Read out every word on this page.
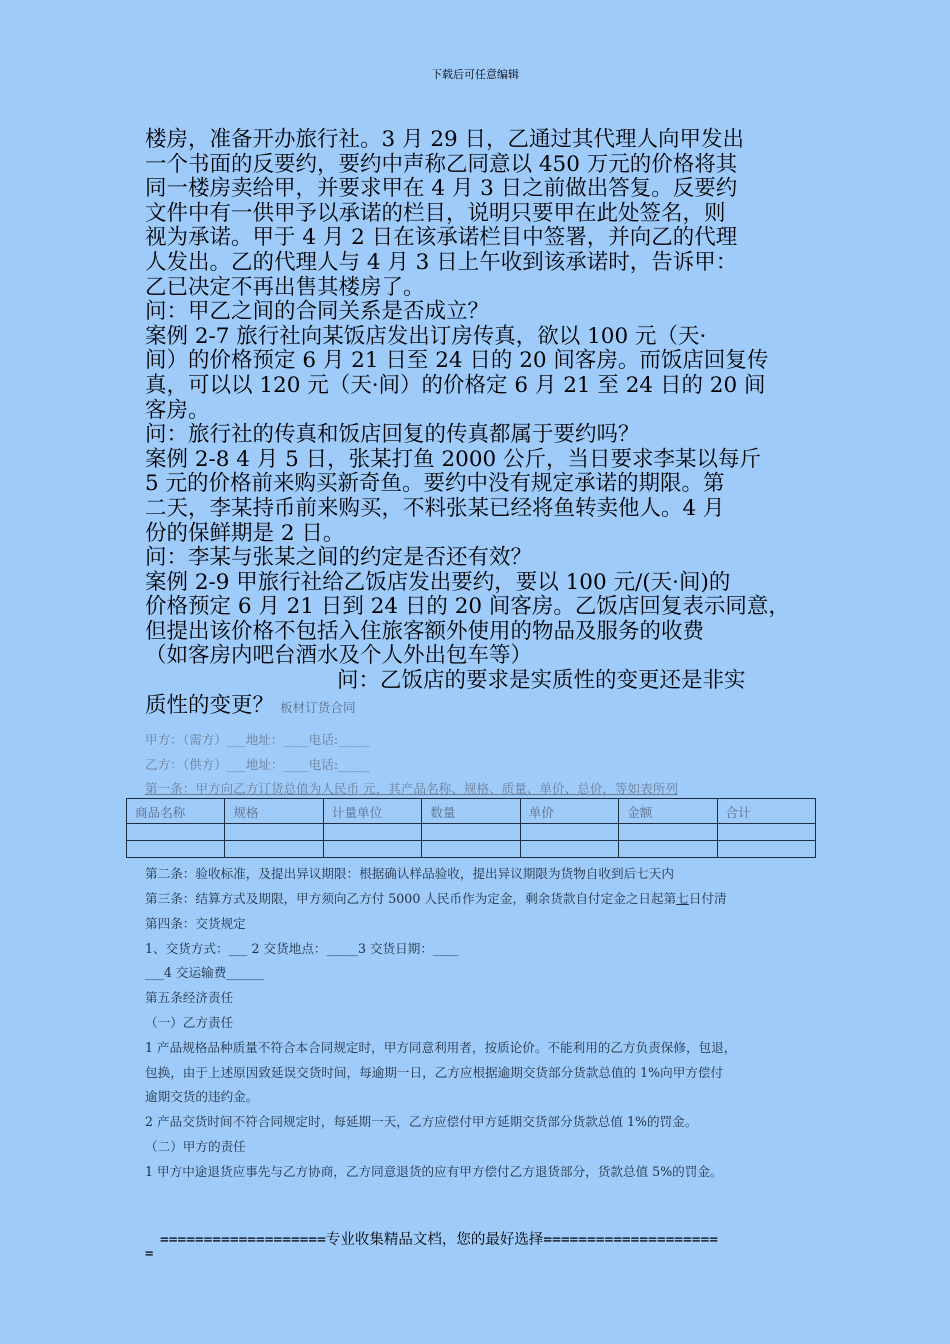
下载后可任意编辑

楼房，准备开办旅行社。3 月 29 日，乙通过其代理人向甲发出

一个书面的反要约，要约中声称乙同意以 450 万元的价格将其

同一楼房卖给甲，并要求甲在 4 月 3 日之前做出答复。反要约

文件中有一供甲予以承诺的栏目，说明只要甲在此处签名，则

视为承诺。甲于 4 月 2 日在该承诺栏目中签署，并向乙的代理

人发出。乙的代理人与 4 月 3 日上午收到该承诺时，告诉甲：

乙已决定不再出售其楼房了。

问：甲乙之间的合同关系是否成立？

案例 2-7 旅行社向某饭店发出订房传真，欲以 100 元（天·

间）的价格预定 6 月 21 日至 24 日的 20 间客房。而饭店回复传

真，可以以 120 元（天·间）的价格定 6 月 21 至 24 日的 20 间

客房。

问：旅行社的传真和饭店回复的传真都属于要约吗？

案例 2-8 4 月 5 日，张某打鱼 2000 公斤，当日要求李某以每斤

5 元的价格前来购买新奇鱼。要约中没有规定承诺的期限。第

二天，李某持币前来购买，不料张某已经将鱼转卖他人。4 月

份的保鲜期是 2 日。

问：李某与张某之间的约定是否还有效？

案例 2-9 甲旅行社给乙饭店发出要约，要以 100 元/(天·间)的

价格预定 6 月 21 日到 24 日的 20 间客房。乙饭店回复表示同意，

但提出该价格不包括入住旅客额外使用的物品及服务的收费

（如客房内吧台酒水及个人外出包车等）

问：乙饭店的要求是实质性的变更还是非实

质性的变更？ 板材订货合同

甲方：（需方）___地址：____电话:_____
乙方：（供方）___地址：____电话:_____
第一条：甲方向乙方订货总值为人民币 元，其产品名称、规格、质量、单价、总价，等如表所列
商品名称	规格	计量单位	数量	单价	金额	合计

第二条：验收标准，及提出异议期限：根据确认样品验收，提出异议期限为货物自收到后七天内
第三条：结算方式及期限，甲方须向乙方付 5000 人民币作为定金，剩余货款自付定金之日起第七日付清
第四条：交货规定
1、交货方式：___ 2 交货地点：_____3 交货日期：____
___4 交运输费______
第五条经济责任
（一）乙方责任
1 产品规格品种质量不符合本合同规定时，甲方同意利用者，按质论价。不能利用的乙方负责保修，包退，
包换，由于上述原因致延误交货时间，每逾期一日，乙方应根据逾期交货部分货款总值的 1%向甲方偿付
逾期交货的违约金。
2 产品交货时间不符合同规定时，每延期一天，乙方应偿付甲方延期交货部分货款总值 1%的罚金。
（二）甲方的责任
1 甲方中途退货应事先与乙方协商，乙方同意退货的应有甲方偿付乙方退货部分，货款总值 5%的罚金。
===================专业收集精品文档，您的最好选择====================
=
